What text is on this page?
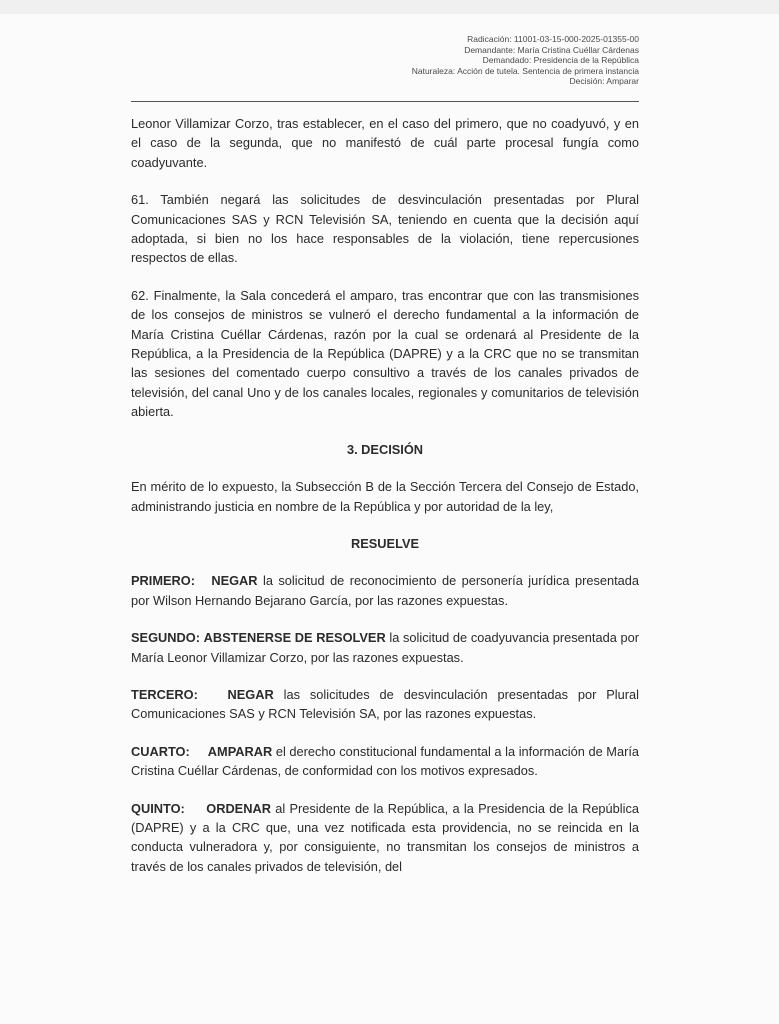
Radicación: 11001-03-15-000-2025-01355-00
Demandante: María Cristina Cuéllar Cárdenas
Demandado: Presidencia de la República
Naturaleza: Acción de tutela. Sentencia de primera instancia
Decisión: Amparar

Leonor Villamizar Corzo, tras establecer, en el caso del primero, que no coadyuvó, y en el caso de la segunda, que no manifestó de cuál parte procesal fungía como coadyuvante.

61. También negará las solicitudes de desvinculación presentadas por Plural Comunicaciones SAS y RCN Televisión SA, teniendo en cuenta que la decisión aquí adoptada, si bien no los hace responsables de la violación, tiene repercusiones respectos de ellas.

62. Finalmente, la Sala concederá el amparo, tras encontrar que con las transmisiones de los consejos de ministros se vulneró el derecho fundamental a la información de María Cristina Cuéllar Cárdenas, razón por la cual se ordenará al Presidente de la República, a la Presidencia de la República (DAPRE) y a la CRC que no se transmitan las sesiones del comentado cuerpo consultivo a través de los canales privados de televisión, del canal Uno y de los canales locales, regionales y comunitarios de televisión abierta.

3. DECISIÓN

En mérito de lo expuesto, la Subsección B de la Sección Tercera del Consejo de Estado, administrando justicia en nombre de la República y por autoridad de la ley,

RESUELVE

PRIMERO: NEGAR la solicitud de reconocimiento de personería jurídica presentada por Wilson Hernando Bejarano García, por las razones expuestas.

SEGUNDO: ABSTENERSE DE RESOLVER la solicitud de coadyuvancia presentada por María Leonor Villamizar Corzo, por las razones expuestas.

TERCERO: NEGAR las solicitudes de desvinculación presentadas por Plural Comunicaciones SAS y RCN Televisión SA, por las razones expuestas.

CUARTO: AMPARAR el derecho constitucional fundamental a la información de María Cristina Cuéllar Cárdenas, de conformidad con los motivos expresados.

QUINTO: ORDENAR al Presidente de la República, a la Presidencia de la República (DAPRE) y a la CRC que, una vez notificada esta providencia, no se reincida en la conducta vulneradora y, por consiguiente, no transmitan los consejos de ministros a través de los canales privados de televisión, del
